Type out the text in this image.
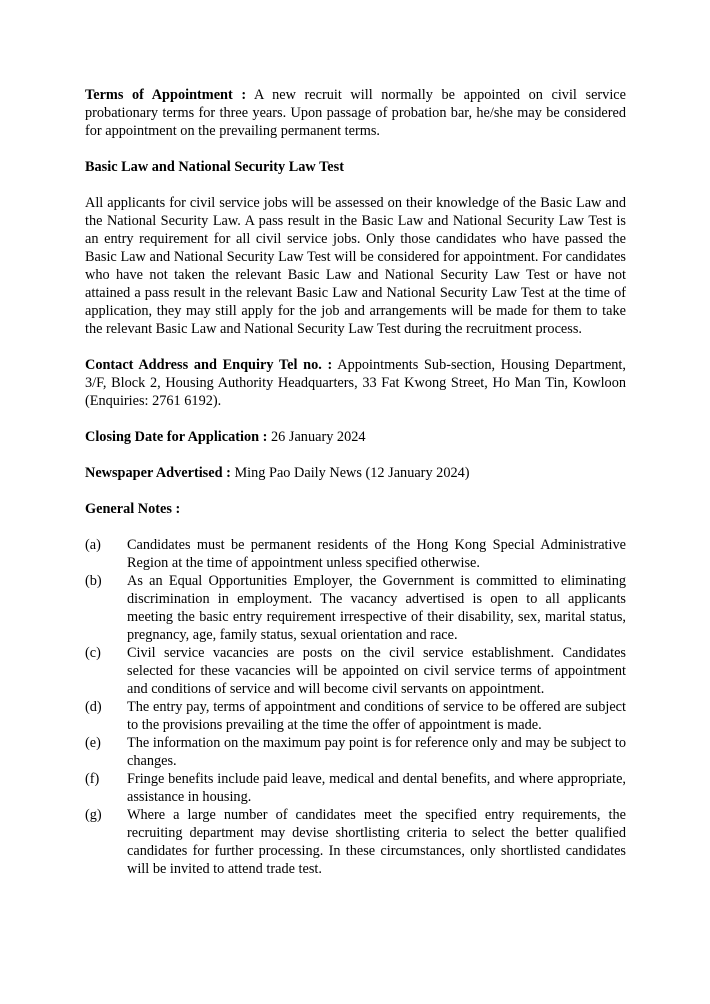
Terms of Appointment : A new recruit will normally be appointed on civil service probationary terms for three years. Upon passage of probation bar, he/she may be considered for appointment on the prevailing permanent terms.

Basic Law and National Security Law Test

All applicants for civil service jobs will be assessed on their knowledge of the Basic Law and the National Security Law. A pass result in the Basic Law and National Security Law Test is an entry requirement for all civil service jobs. Only those candidates who have passed the Basic Law and National Security Law Test will be considered for appointment. For candidates who have not taken the relevant Basic Law and National Security Law Test or have not attained a pass result in the relevant Basic Law and National Security Law Test at the time of application, they may still apply for the job and arrangements will be made for them to take the relevant Basic Law and National Security Law Test during the recruitment process.

Contact Address and Enquiry Tel no. : Appointments Sub-section, Housing Department, 3/F, Block 2, Housing Authority Headquarters, 33 Fat Kwong Street, Ho Man Tin, Kowloon (Enquiries: 2761 6192).

Closing Date for Application : 26 January 2024

Newspaper Advertised : Ming Pao Daily News (12 January 2024)

General Notes :

(a)	Candidates must be permanent residents of the Hong Kong Special Administrative Region at the time of appointment unless specified otherwise.
(b)	As an Equal Opportunities Employer, the Government is committed to eliminating discrimination in employment. The vacancy advertised is open to all applicants meeting the basic entry requirement irrespective of their disability, sex, marital status, pregnancy, age, family status, sexual orientation and race.
(c)	Civil service vacancies are posts on the civil service establishment. Candidates selected for these vacancies will be appointed on civil service terms of appointment and conditions of service and will become civil servants on appointment.
(d)	The entry pay, terms of appointment and conditions of service to be offered are subject to the provisions prevailing at the time the offer of appointment is made.
(e)	The information on the maximum pay point is for reference only and may be subject to changes.
(f)	Fringe benefits include paid leave, medical and dental benefits, and where appropriate, assistance in housing.
(g)	Where a large number of candidates meet the specified entry requirements, the recruiting department may devise shortlisting criteria to select the better qualified candidates for further processing. In these circumstances, only shortlisted candidates will be invited to attend trade test.
